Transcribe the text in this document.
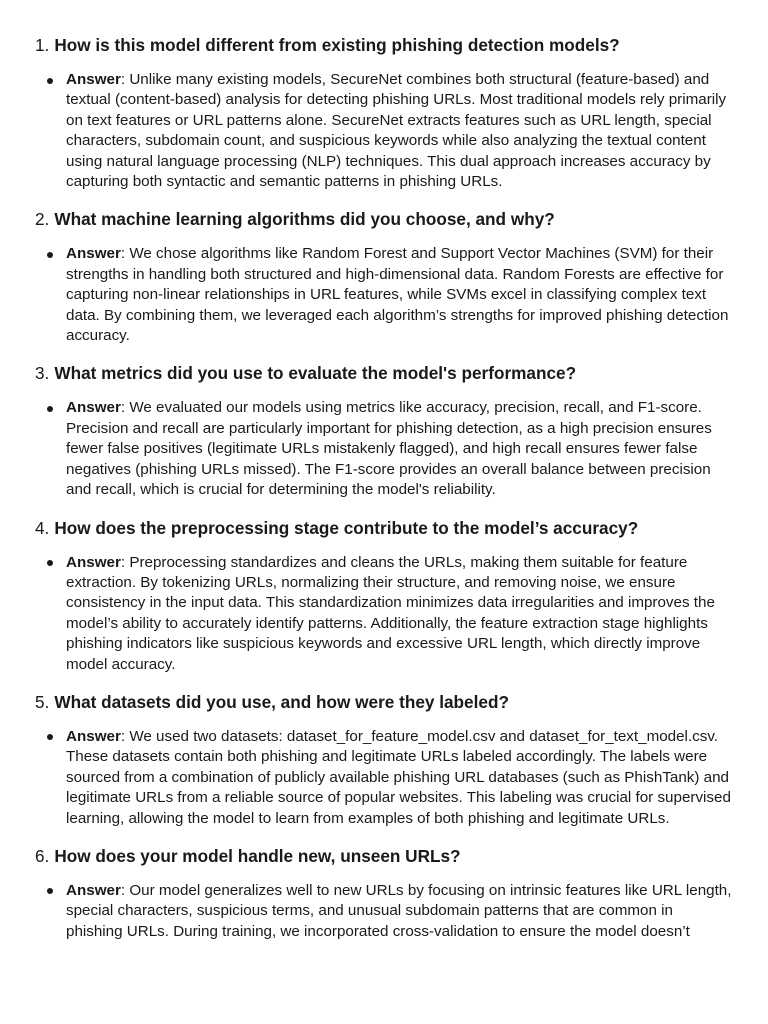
1. How is this model different from existing phishing detection models?
Answer: Unlike many existing models, SecureNet combines both structural (feature-based) and textual (content-based) analysis for detecting phishing URLs. Most traditional models rely primarily on text features or URL patterns alone. SecureNet extracts features such as URL length, special characters, subdomain count, and suspicious keywords while also analyzing the textual content using natural language processing (NLP) techniques. This dual approach increases accuracy by capturing both syntactic and semantic patterns in phishing URLs.
2. What machine learning algorithms did you choose, and why?
Answer: We chose algorithms like Random Forest and Support Vector Machines (SVM) for their strengths in handling both structured and high-dimensional data. Random Forests are effective for capturing non-linear relationships in URL features, while SVMs excel in classifying complex text data. By combining them, we leveraged each algorithm’s strengths for improved phishing detection accuracy.
3. What metrics did you use to evaluate the model's performance?
Answer: We evaluated our models using metrics like accuracy, precision, recall, and F1-score. Precision and recall are particularly important for phishing detection, as a high precision ensures fewer false positives (legitimate URLs mistakenly flagged), and high recall ensures fewer false negatives (phishing URLs missed). The F1-score provides an overall balance between precision and recall, which is crucial for determining the model's reliability.
4. How does the preprocessing stage contribute to the model’s accuracy?
Answer: Preprocessing standardizes and cleans the URLs, making them suitable for feature extraction. By tokenizing URLs, normalizing their structure, and removing noise, we ensure consistency in the input data. This standardization minimizes data irregularities and improves the model’s ability to accurately identify patterns. Additionally, the feature extraction stage highlights phishing indicators like suspicious keywords and excessive URL length, which directly improve model accuracy.
5. What datasets did you use, and how were they labeled?
Answer: We used two datasets: dataset_for_feature_model.csv and dataset_for_text_model.csv. These datasets contain both phishing and legitimate URLs labeled accordingly. The labels were sourced from a combination of publicly available phishing URL databases (such as PhishTank) and legitimate URLs from a reliable source of popular websites. This labeling was crucial for supervised learning, allowing the model to learn from examples of both phishing and legitimate URLs.
6. How does your model handle new, unseen URLs?
Answer: Our model generalizes well to new URLs by focusing on intrinsic features like URL length, special characters, suspicious terms, and unusual subdomain patterns that are common in phishing URLs. During training, we incorporated cross-validation to ensure the model doesn’t
